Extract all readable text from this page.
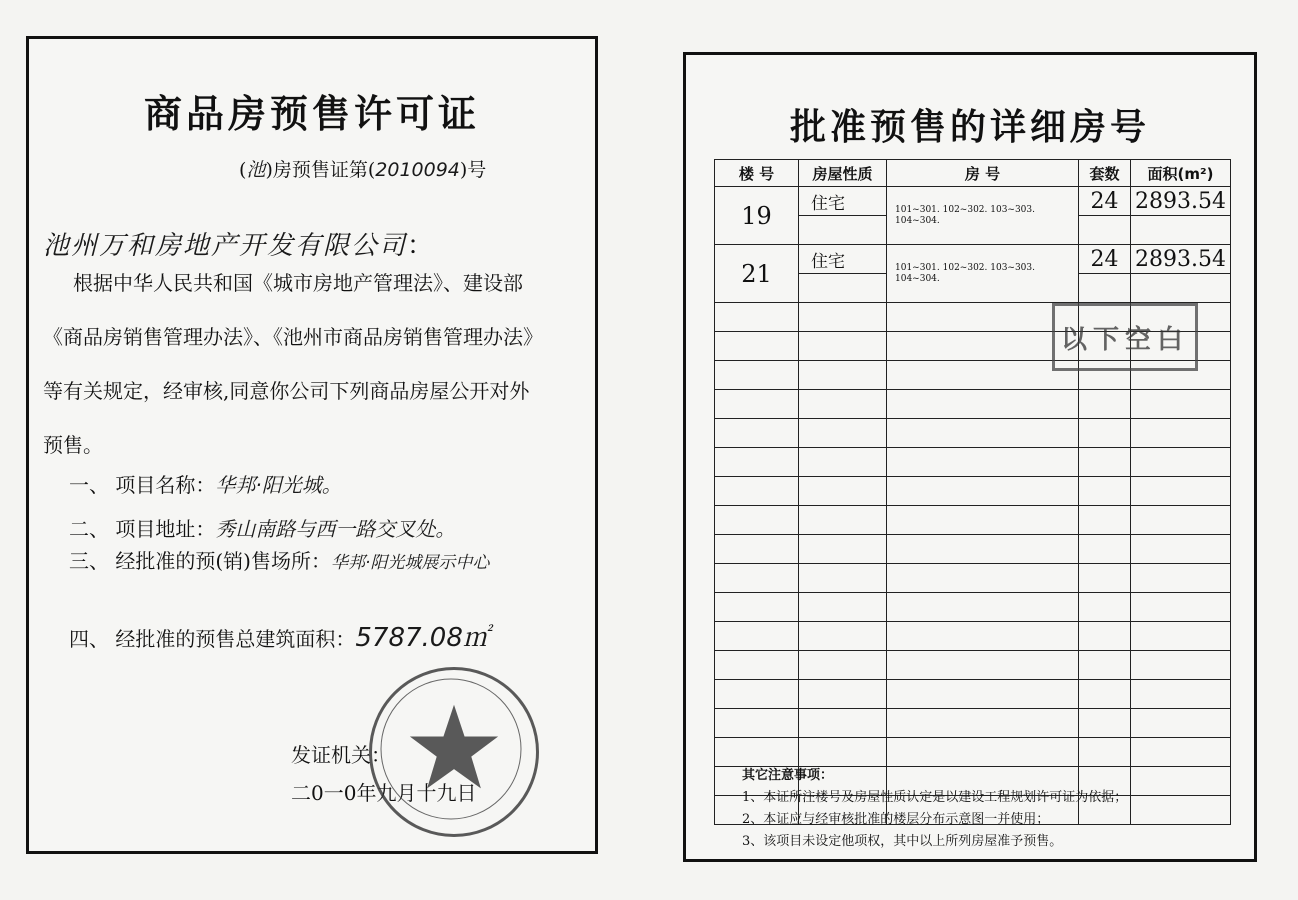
商品房预售许可证
(池)房预售证第(2010094)号
池州万和房地产开发有限公司：
根据中华人民共和国《城市房地产管理法》、建设部
《商品房销售管理办法》、《池州市商品房销售管理办法》
等有关规定，经审核,同意你公司下列商品房屋公开对外
预售。
一、 项目名称：华邦·阳光城。
二、 项目地址：秀山南路与西一路交叉处。
三、 经批准的预(销)售场所：华邦·阳光城展示中心
四、 经批准的预售总建筑面积：5787.08㎡
发证机关：
二0一0年九月十九日
批准预售的详细房号
楼 号	房屋性质	房 号	套数	面积(m²)
19	住宅	101~301. 102~302. 103~303. 104~304.	24	2893.54

21	住宅	101~301. 102~302. 103~303. 104~304.	24	2893.54

以下空白
其它注意事项：
1、本证所注楼号及房屋性质认定是以建设工程规划许可证为依据；
2、本证应与经审核批准的楼层分布示意图一并使用；
3、该项目未设定他项权，其中以上所列房屋准予预售。
